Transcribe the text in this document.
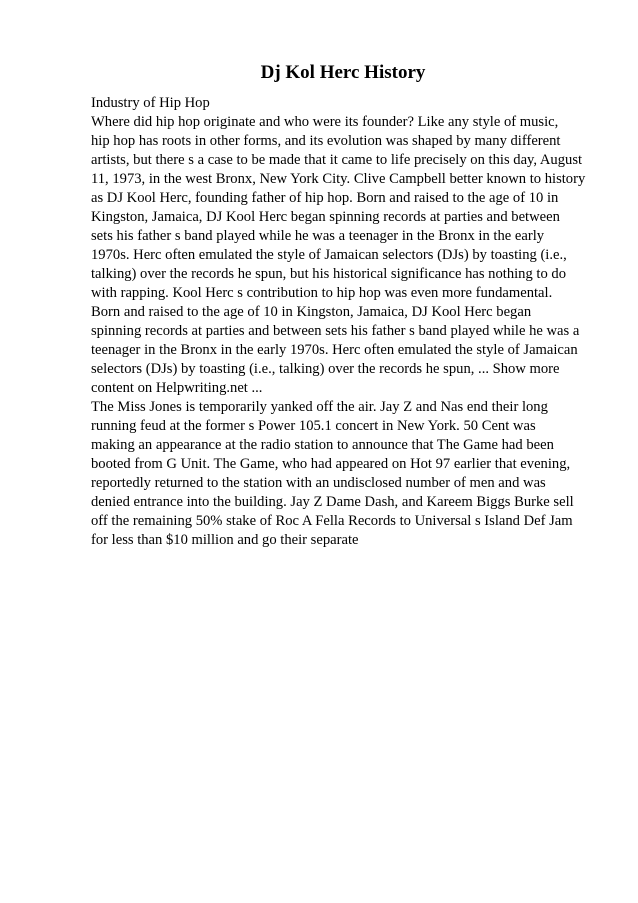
Dj Kol Herc History
Industry of Hip Hop
Where did hip hop originate and who were its founder? Like any style of music,
hip hop has roots in other forms, and its evolution was shaped by many different
artists, but there s a case to be made that it came to life precisely on this day, August
11, 1973, in the west Bronx, New York City. Clive Campbell better known to history
as DJ Kool Herc, founding father of hip hop. Born and raised to the age of 10 in
Kingston, Jamaica, DJ Kool Herc began spinning records at parties and between
sets his father s band played while he was a teenager in the Bronx in the early
1970s. Herc often emulated the style of Jamaican selectors (DJs) by toasting (i.e.,
talking) over the records he spun, but his historical significance has nothing to do
with rapping. Kool Herc s contribution to hip hop was even more fundamental.
Born and raised to the age of 10 in Kingston, Jamaica, DJ Kool Herc began
spinning records at parties and between sets his father s band played while he was a
teenager in the Bronx in the early 1970s. Herc often emulated the style of Jamaican
selectors (DJs) by toasting (i.e., talking) over the records he spun, ... Show more
content on Helpwriting.net ...
The Miss Jones is temporarily yanked off the air. Jay Z and Nas end their long
running feud at the former s Power 105.1 concert in New York. 50 Cent was
making an appearance at the radio station to announce that The Game had been
booted from G Unit. The Game, who had appeared on Hot 97 earlier that evening,
reportedly returned to the station with an undisclosed number of men and was
denied entrance into the building. Jay Z Dame Dash, and Kareem Biggs Burke sell
off the remaining 50% stake of Roc A Fella Records to Universal s Island Def Jam
for less than $10 million and go their separate
